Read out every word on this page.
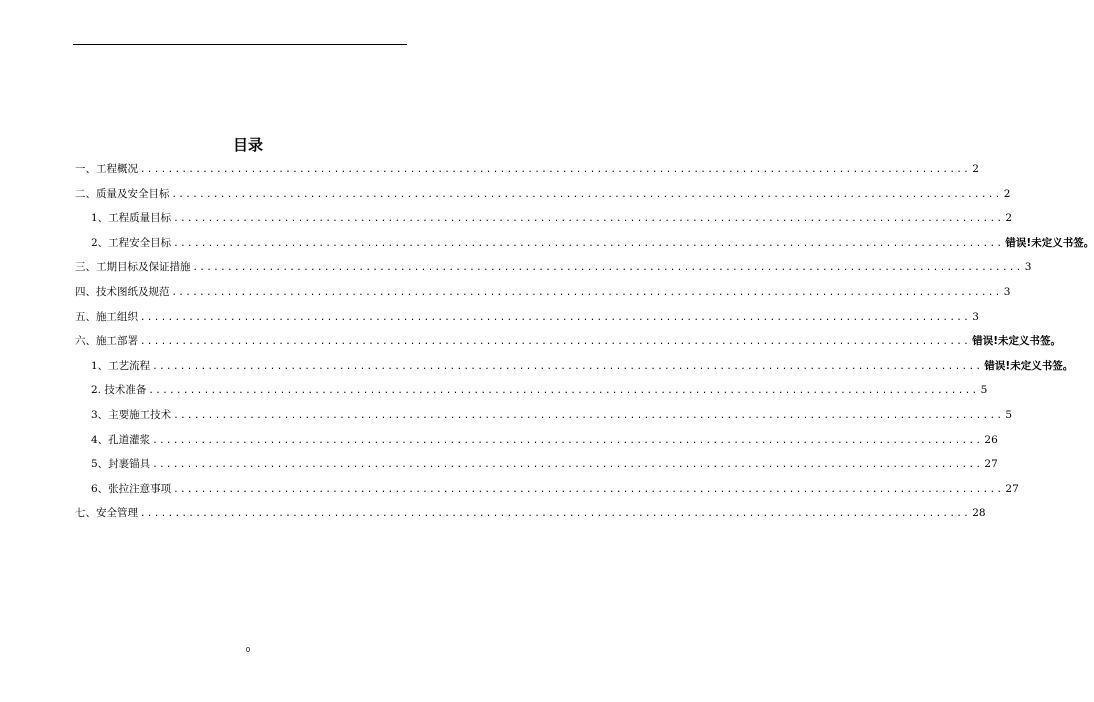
目录
一、工程概况 ........................................................................................................................ 2
二、质量及安全目标 ........................................................................................................................ 2
1、工程质量目标 ........................................................................................................................ 2
2、工程安全目标 ........................................................................................................................ 错误!未定义书签。
三、工期目标及保证措施 ........................................................................................................................ 3
四、技术图纸及规范 ........................................................................................................................ 3
五、施工组织 ........................................................................................................................ 3
六、施工部署 ........................................................................................................................ 错误!未定义书签。
1、工艺流程 ........................................................................................................................ 错误!未定义书签。
2. 技术准备 ........................................................................................................................ 5
3、主要施工技术 ........................................................................................................................ 5
4、孔道灌浆 ........................................................................................................................ 26
5、封裹锚具 ........................................................................................................................ 27
6、张拉注意事项 ........................................................................................................................ 27
七、安全管理 ........................................................................................................................ 28
0
